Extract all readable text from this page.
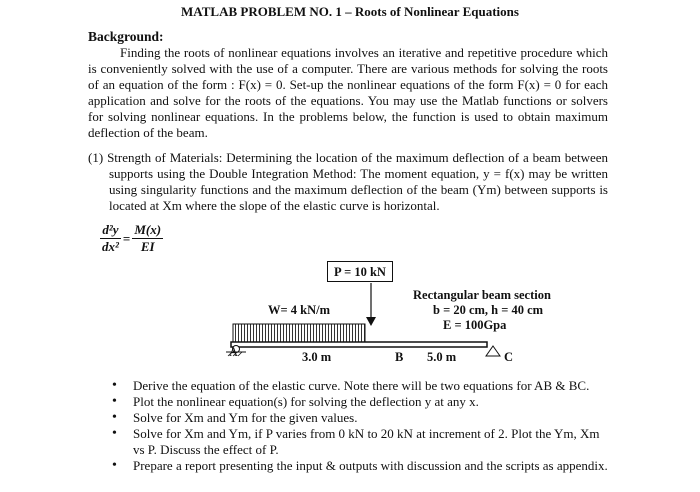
MATLAB PROBLEM NO. 1 – Roots of Nonlinear Equations
Background:
Finding the roots of nonlinear equations involves an iterative and repetitive procedure which is conveniently solved with the use of a computer. There are various methods for solving the roots of an equation of the form : F(x) = 0. Set-up the nonlinear equations of the form F(x) = 0 for each application and solve for the roots of the equations. You may use the Matlab functions or solvers for solving nonlinear equations. In the problems below, the function is used to obtain maximum deflection of the beam.
(1) Strength of Materials: Determining the location of the maximum deflection of a beam between supports using the Double Integration Method: The moment equation, y = f(x) may be written using singularity functions and the maximum deflection of the beam (Ym) between supports is located at Xm where the slope of the elastic curve is horizontal.
$\frac{\text{d²y}}{\text{dx²}} = \frac{M(x)}{EI}$
P = 10 kN
W= 4 kN/m
Rectangular beam section
b = 20 cm, h = 40 cm
E = 100Gpa
A	3.0 m	B 5.0 m	C
• Derive the equation of the elastic curve. Note there will be two equations for AB & BC.
• Plot the nonlinear equation(s) for solving the deflection y at any x.
• Solve for Xm and Ym for the given values.
• Solve for Xm and Ym, if P varies from 0 kN to 20 kN at increment of 2. Plot the Ym, Xm vs P. Discuss the effect of P.
• Prepare a report presenting the input & outputs with discussion and the scripts as appendix.
